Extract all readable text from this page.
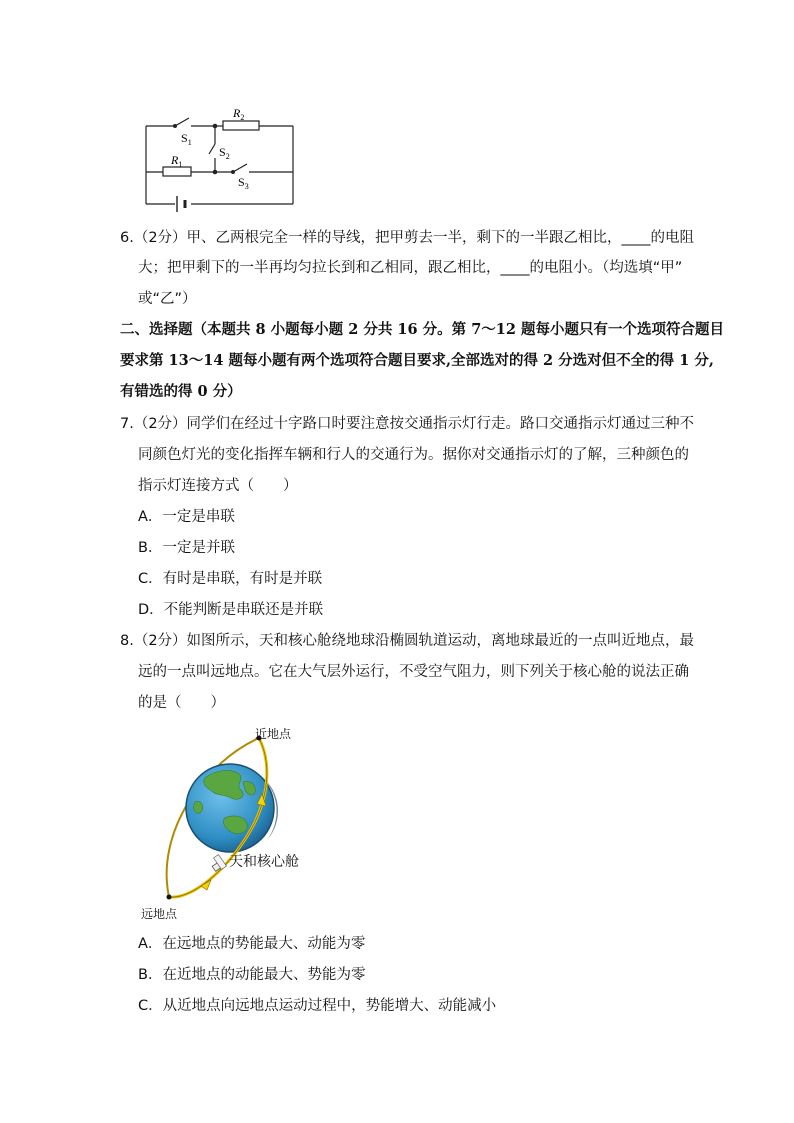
$R_2$
$R_1$
$S_1$
$S_2$
$S_3$
6.（2分）甲、乙两根完全一样的导线，把甲剪去一半，剩下的一半跟乙相比，____的电阻
大；把甲剩下的一半再均匀拉长到和乙相同，跟乙相比，____的电阻小。（均选填“甲”
或“乙”）
二、选择题（本题共 8 小题每小题 2 分共 16 分。第 7～12 题每小题只有一个选项符合题目
要求第 13～14 题每小题有两个选项符合题目要求,全部选对的得 2 分选对但不全的得 1 分,
有错选的得 0 分）
7.（2分）同学们在经过十字路口时要注意按交通指示灯行走。路口交通指示灯通过三种不
同颜色灯光的变化指挥车辆和行人的交通行为。据你对交通指示灯的了解，三种颜色的
指示灯连接方式（　　）
A．一定是串联
B．一定是并联
C．有时是串联，有时是并联
D．不能判断是串联还是并联
8.（2分）如图所示，天和核心舱绕地球沿椭圆轨道运动，离地球最近的一点叫近地点，最
远的一点叫远地点。它在大气层外运行，不受空气阻力，则下列关于核心舱的说法正确
的是（　　）
近地点
天和核心舱
远地点
A．在远地点的势能最大、动能为零
B．在近地点的动能最大、势能为零
C．从近地点向远地点运动过程中，势能增大、动能减小
